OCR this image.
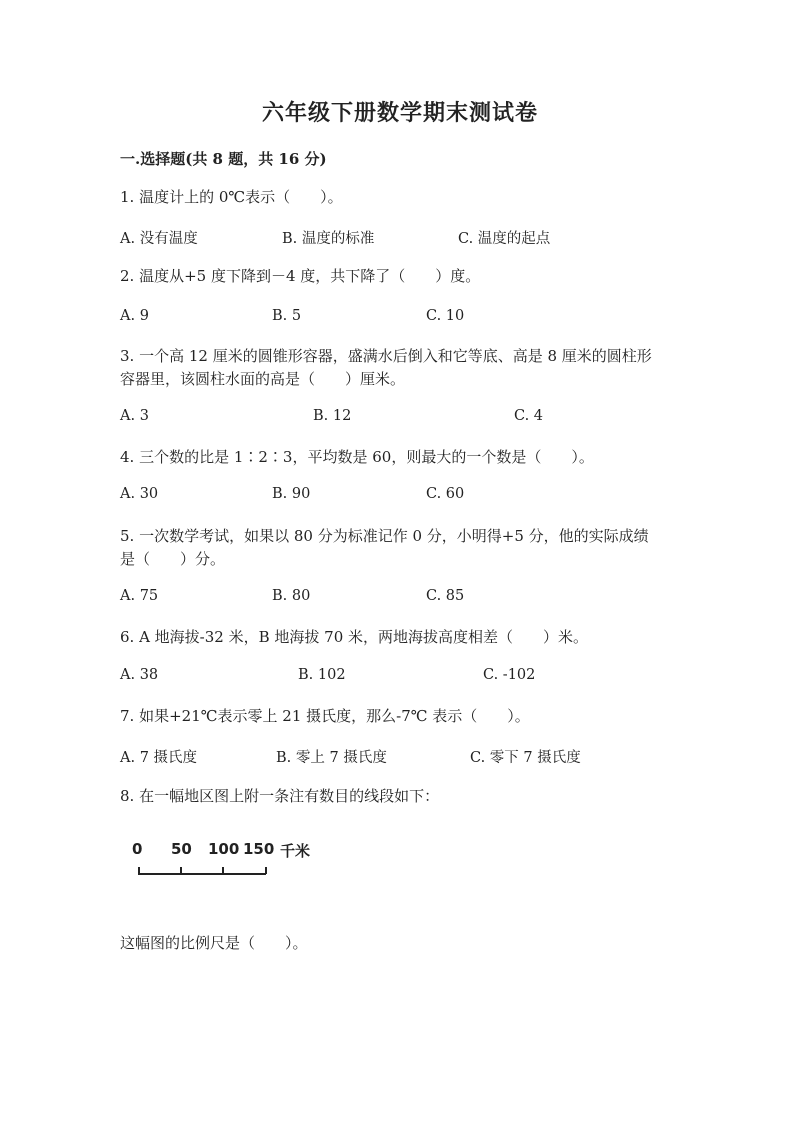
六年级下册数学期末测试卷
一.选择题(共 8 题，共 16 分)
1. 温度计上的 0℃表示（　　）。
A. 没有温度	B. 温度的标准	C. 温度的起点
2. 温度从+5 度下降到－4 度，共下降了（　　）度。
A. 9	B. 5	C. 10
3. 一个高 12 厘米的圆锥形容器，盛满水后倒入和它等底、高是 8 厘米的圆柱形
容器里，该圆柱水面的高是（　　）厘米。
A. 3	B. 12	C. 4
4. 三个数的比是 1∶2∶3，平均数是 60，则最大的一个数是（　　）。
A. 30	B. 90	C. 60
5. 一次数学考试，如果以 80 分为标准记作 0 分，小明得+5 分，他的实际成绩
是（　　）分。
A. 75	B. 80	C. 85
6. A 地海拔-32 米，B 地海拔 70 米，两地海拔高度相差（　　）米。
A. 38	B. 102	C. -102
7. 如果+21℃表示零上 21 摄氏度，那么-7℃ 表示（　　）。
A. 7 摄氏度	B. 零上 7 摄氏度	C. 零下 7 摄氏度
8. 在一幅地区图上附一条注有数目的线段如下：
0 50 100 150 千米
这幅图的比例尺是（　　）。
